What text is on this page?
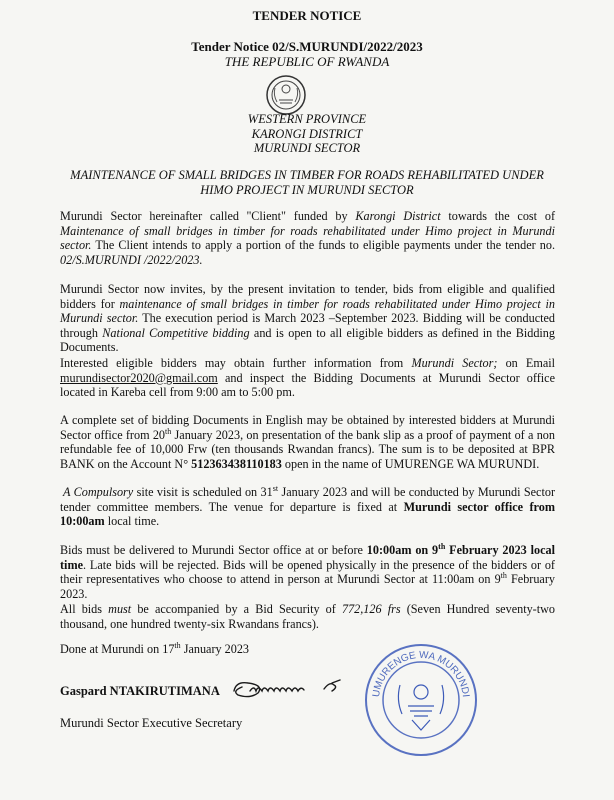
TENDER NOTICE
Tender Notice 02/S.MURUNDI/2022/2023
THE REPUBLIC OF RWANDA
WESTERN PROVINCE
KARONGI DISTRICT
MURUNDI SECTOR
MAINTENANCE OF SMALL BRIDGES IN TIMBER FOR ROADS REHABILITATED UNDER HIMO PROJECT IN MURUNDI SECTOR
Murundi Sector hereinafter called ''Client" funded by Karongi District towards the cost of Maintenance of small bridges in timber for roads rehabilitated under Himo project in Murundi sector. The Client intends to apply a portion of the funds to eligible payments under the tender no. 02/S.MURUNDI /2022/2023.
Murundi Sector now invites, by the present invitation to tender, bids from eligible and qualified bidders for maintenance of small bridges in timber for roads rehabilitated under Himo project in Murundi sector. The execution period is March 2023 –September 2023. Bidding will be conducted through National Competitive bidding and is open to all eligible bidders as defined in the Bidding Documents.
Interested eligible bidders may obtain further information from Murundi Sector; on Email murundisector2020@gmail.com and inspect the Bidding Documents at Murundi Sector office located in Kareba cell from 9:00 am to 5:00 pm.
A complete set of bidding Documents in English may be obtained by interested bidders at Murundi Sector office from 20th January 2023, on presentation of the bank slip as a proof of payment of a non refundable fee of 10,000 Frw (ten thousands Rwandan francs). The sum is to be deposited at BPR BANK on the Account N° 512363438110183 open in the name of UMURENGE WA MURUNDI.
A Compulsory site visit is scheduled on 31st January 2023 and will be conducted by Murundi Sector tender committee members. The venue for departure is fixed at Murundi sector office from 10:00am local time.
Bids must be delivered to Murundi Sector office at or before 10:00am on 9th February 2023 local time. Late bids will be rejected. Bids will be opened physically in the presence of the bidders or of their representatives who choose to attend in person at Murundi Sector at 11:00am on 9th February 2023.
All bids must be accompanied by a Bid Security of 772,126 frs (Seven Hundred seventy-two thousand, one hundred twenty-six Rwandans francs).
Done at Murundi on 17th January 2023
Gaspard NTAKIRUTIMANA
Murundi Sector Executive Secretary
UMURENGE WA MURUNDI
